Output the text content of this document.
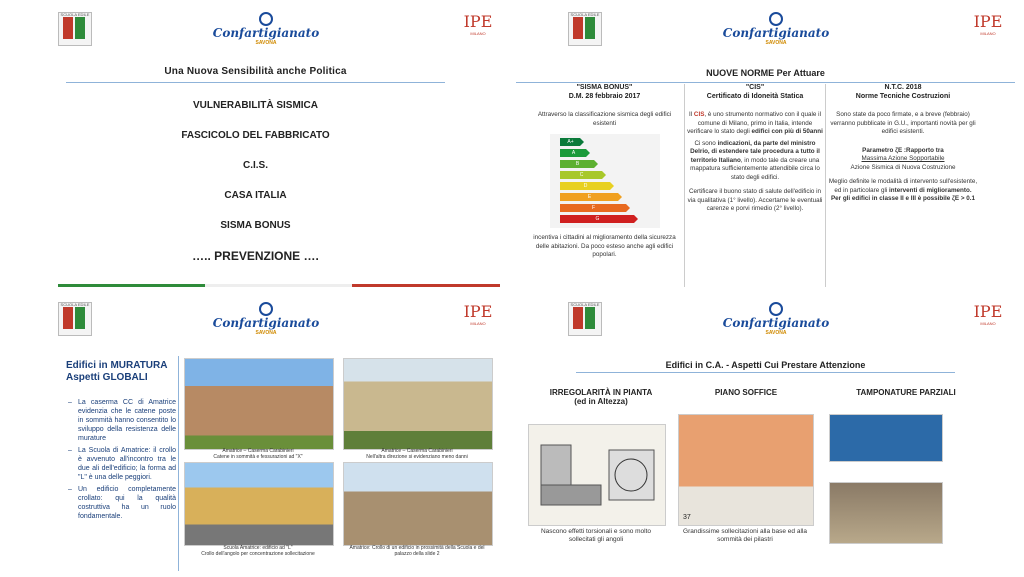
SCUOLA EDILE
Confartigianato
SAVONA
IPE
MILANO
Una Nuova Sensibilità anche Politica
VULNERABILITÀ SISMICA
FASCICOLO DEL FABBRICATO
C.I.S.
CASA ITALIA
SISMA BONUS
….. PREVENZIONE ….
SCUOLA EDILE
Confartigianato
SAVONA
IPE
MILANO
NUOVE NORME Per Attuare
"SISMA BONUS"
D.M. 28 febbraio 2017
Attraverso la classificazione sismica degli edifici esistenti
A+
A
B
C
D
E
F
G
incentiva i cittadini al miglioramento della sicurezza delle abitazioni. Da poco esteso anche agli edifici popolari.
"CIS"
Certificato di Idoneità Statica
Il CIS, è uno strumento normativo con il quale il comune di Milano, primo in Italia, intende verificare lo stato degli edifici con più di 50anni
Ci sono indicazioni, da parte del ministro Delrio, di estendere tale procedura a tutto il territorio Italiano, in modo tale da creare una mappatura sufficientemente attendibile circa lo stato degli edifici.
Certificare il buono stato di salute dell'edificio in via qualitativa (1° livello). Accertarne le eventuali carenze e porvi rimedio (2° livello).
N.T.C. 2018
Norme Tecniche Costruzioni
Sono state da poco firmate, e a breve (febbraio) verranno pubblicate in G.U., importanti novità per gli edifici esistenti.
Parametro ζE :Rapporto tra
Massima Azione Sopportabile
Azione Sismica di Nuova Costruzione
Meglio definite le modalità di intervento sull'esistente, ed in particolare gli interventi di miglioramento.
Per gli edifici in classe II e III è possibile ζE > 0.1
SCUOLA EDILE
Confartigianato
SAVONA
IPE
MILANO
Edifici in MURATURA
Aspetti GLOBALI
– La caserma CC di Amatrice evidenzia che le catene poste in sommità hanno consentito lo sviluppo della resistenza delle murature
– La Scuola di Amatrice: il crollo è avvenuto all'incontro tra le due ali dell'edificio; la forma ad "L" è una delle peggiori.
– Un edificio completamente crollato: qui la qualità costruttiva ha un ruolo fondamentale.
Amatrice – Caserma Carabinieri
Catene in sommità e fessurazioni ad "X"
Amatrice – Caserma Carabinieri
Nell'altra direzione si evidenziano meno danni
Scuola Amatrice: edificio ad "L"
Crollo dell'angolo per concentrazione sollecitazione
Amatrice: Crollo di un edificio in prossimità della Scuola e del palazzo della slide 2
SCUOLA EDILE
Confartigianato
SAVONA
IPE
MILANO
Edifici in C.A. - Aspetti Cui Prestare Attenzione
IRREGOLARITÀ IN PIANTA
(ed in Altezza)
PIANO SOFFICE	TAMPONATURE PARZIALI
Nascono effetti torsionali e sono molto sollecitati gli angoli
37
Grandissime sollecitazioni alla base ed alla sommità dei pilastri
